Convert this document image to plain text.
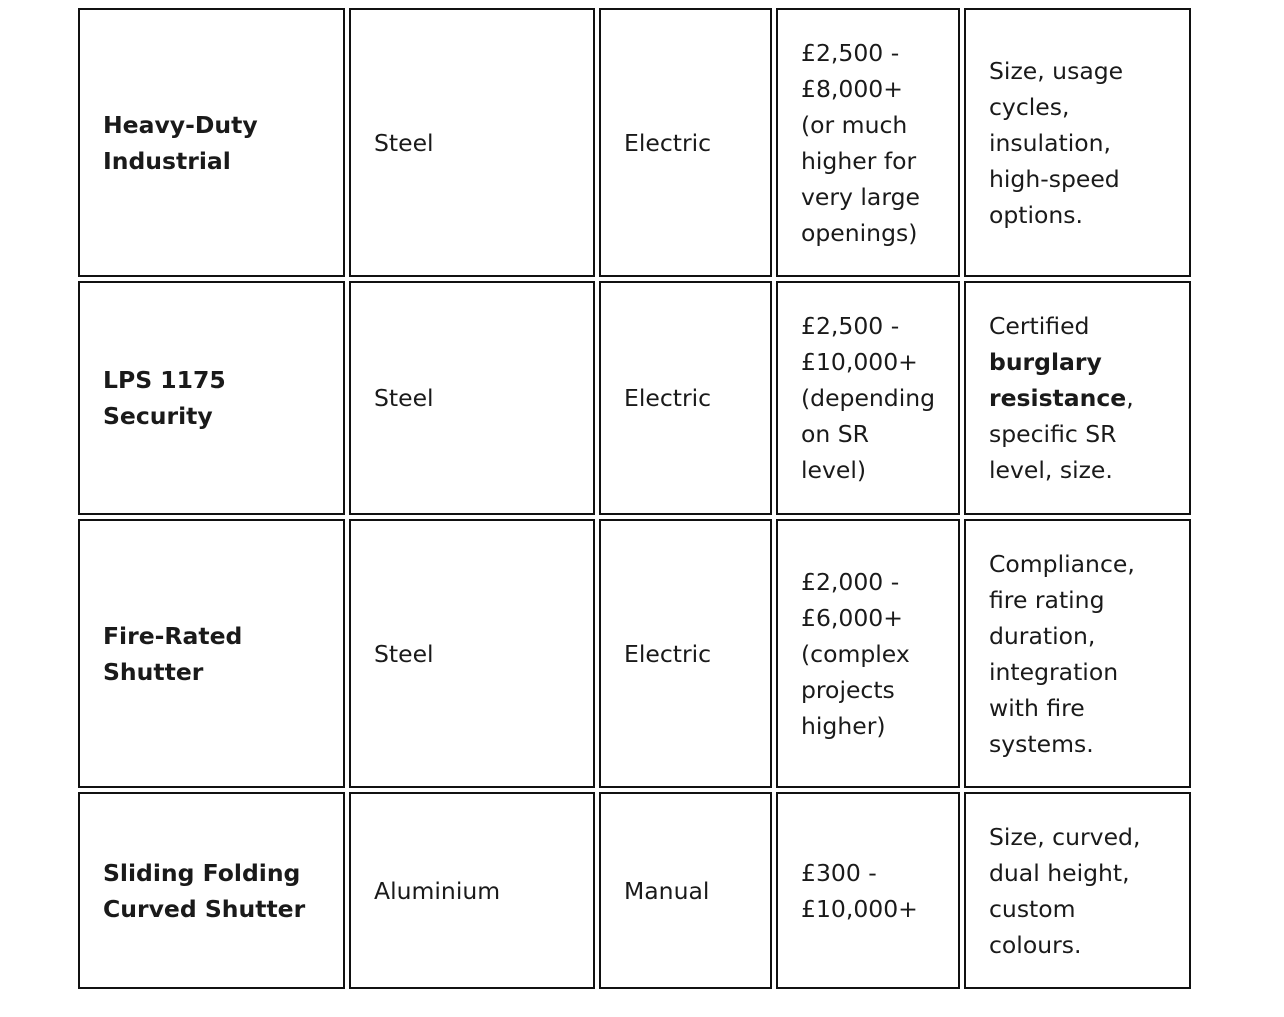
Heavy-Duty Industrial	Steel	Electric	£2,500 - £8,000+ (or much higher for very large openings)	Size, usage cycles, insulation, high-speed options.
LPS 1175 Security	Steel	Electric	£2,500 - £10,000+ (depending on SR level)	Certified burglary resistance, specific SR level, size.
Fire-Rated Shutter	Steel	Electric	£2,000 - £6,000+ (complex projects higher)	Compliance, fire rating duration, integration with fire systems.
Sliding Folding Curved Shutter	Aluminium	Manual	£300 - £10,000+	Size, curved, dual height, custom colours.
